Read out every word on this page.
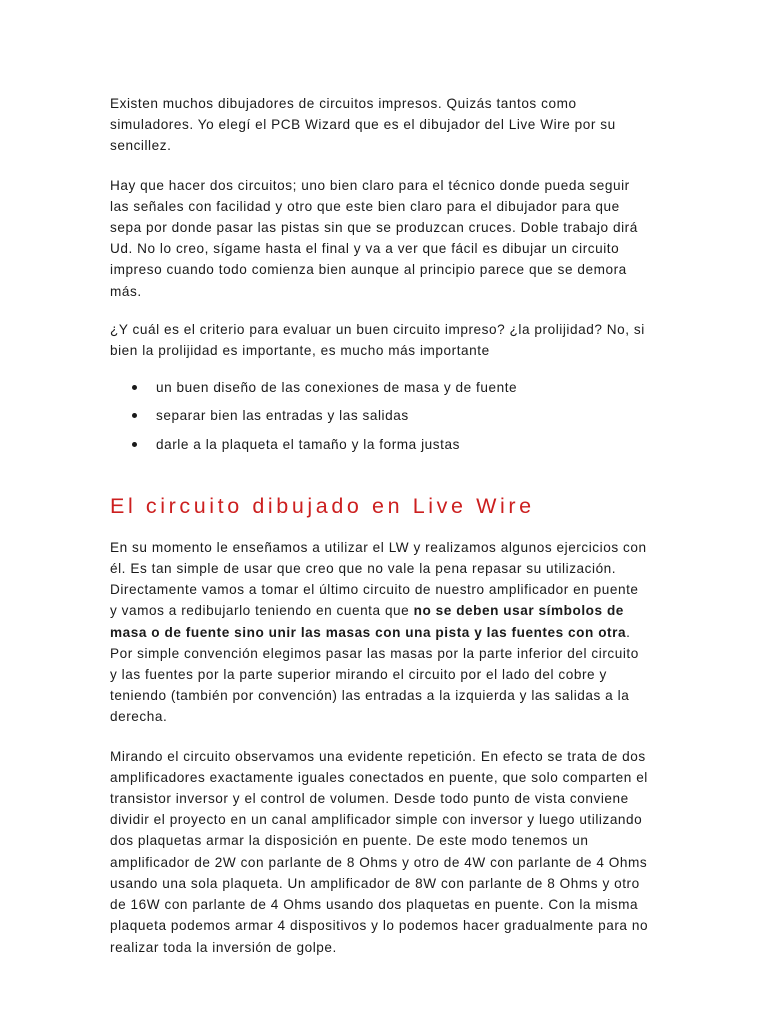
Existen muchos dibujadores de circuitos impresos. Quizás tantos como simuladores. Yo elegí el PCB Wizard que es el dibujador del Live Wire por su sencillez.

Hay que hacer dos circuitos; uno bien claro para el técnico donde pueda seguir las señales con facilidad y otro que este bien claro para el dibujador para que sepa por donde pasar las pistas sin que se produzcan cruces. Doble trabajo dirá Ud. No lo creo, sígame hasta el final y va a ver que fácil es dibujar un circuito impreso cuando todo comienza bien aunque al principio parece que se demora más.

¿Y cuál es el criterio para evaluar un buen circuito impreso? ¿la prolijidad? No, si bien la prolijidad es importante, es mucho más importante

un buen diseño de las conexiones de masa y de fuente
separar bien las entradas y las salidas
darle a la plaqueta el tamaño y la forma justas
El circuito dibujado en Live Wire

En su momento le enseñamos a utilizar el LW y realizamos algunos ejercicios con él. Es tan simple de usar que creo que no vale la pena repasar su utilización. Directamente vamos a tomar el último circuito de nuestro amplificador en puente y vamos a redibujarlo teniendo en cuenta que no se deben usar símbolos de masa o de fuente sino unir las masas con una pista y las fuentes con otra. Por simple convención elegimos pasar las masas por la parte inferior del circuito y las fuentes por la parte superior mirando el circuito por el lado del cobre y teniendo (también por convención) las entradas a la izquierda y las salidas a la derecha.

Mirando el circuito observamos una evidente repetición. En efecto se trata de dos amplificadores exactamente iguales conectados en puente, que solo comparten el transistor inversor y el control de volumen. Desde todo punto de vista conviene dividir el proyecto en un canal amplificador simple con inversor y luego utilizando dos plaquetas armar la disposición en puente. De este modo tenemos un amplificador de 2W con parlante de 8 Ohms y otro de 4W con parlante de 4 Ohms usando una sola plaqueta. Un amplificador de 8W con parlante de 8 Ohms y otro de 16W con parlante de 4 Ohms usando dos plaquetas en puente. Con la misma plaqueta podemos armar 4 dispositivos y lo podemos hacer gradualmente para no realizar toda la inversión de golpe.
